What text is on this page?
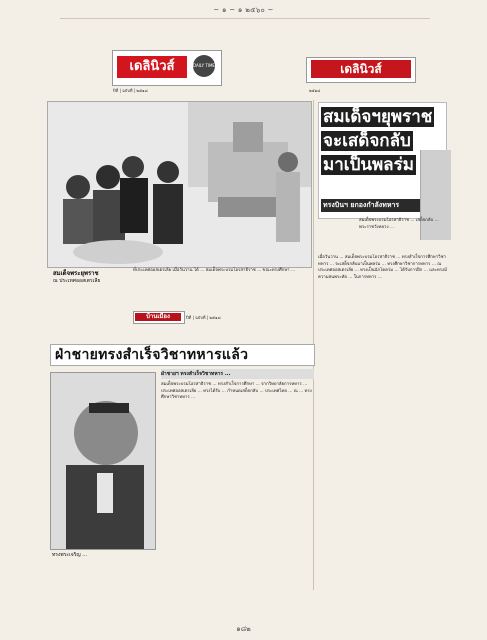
~ ๑ ~ ๑ ๒๕๖๐ ~
เดลินิวส์	DAILY TIME
ปีที่ | ฉบับที่ | ๒๕๑๘
เดลินิวส์
๒๕๑๘
สมเด็จพระยุพราช
ณ ประเทศออสเตรเลีย
ที่ประเทศออสเตรเลีย เมื่อวันวาน ได้ ... สมเด็จพระบรมโอรสาธิราช ... ขณะทรงศึกษา ...
สมเด็จฯยุพราช
จะเสด็จกลับ
มาเป็นพลร่ม
ทรงบินฯ ยกองกำลังทหาร
สมเด็จพระบรมโอรสาธิราช ... เสด็จกลับ ... พระราชวังหลวง ...
เมื่อวันวาน ... สมเด็จพระบรมโอรสาธิราช ... ทรงสำเร็จการศึกษาวิชาทหาร ... จะเสด็จกลับมาเป็นพลร่ม ... ทรงศึกษาวิชาการทหาร ... ณ ประเทศออสเตรเลีย ... ทรงเป็นนักโดดร่ม ... ได้รับการฝึก ... และทรงมีความสนพระทัย ... ในการทหาร ...
บ้านเมือง	ปีที่ | ฉบับที่ | ๒๕๑๘
ฝ่าชายทรงสำเร็จวิชาทหารแล้ว
ทรงพระเจริญ ...
ฝ่าชายฯ ทรงสำเร็จวิชาทหาร ...
สมเด็จพระบรมโอรสาธิราช ... ทรงสำเร็จการศึกษา ... จากวิทยาลัยการทหาร ... ประเทศออสเตรเลีย ... ทรงได้รับ ... กำหนดเสด็จกลับ ... ประเทศไทย ... ณ ... ทรงศึกษาวิชาทหาร ...
๑๘๒
